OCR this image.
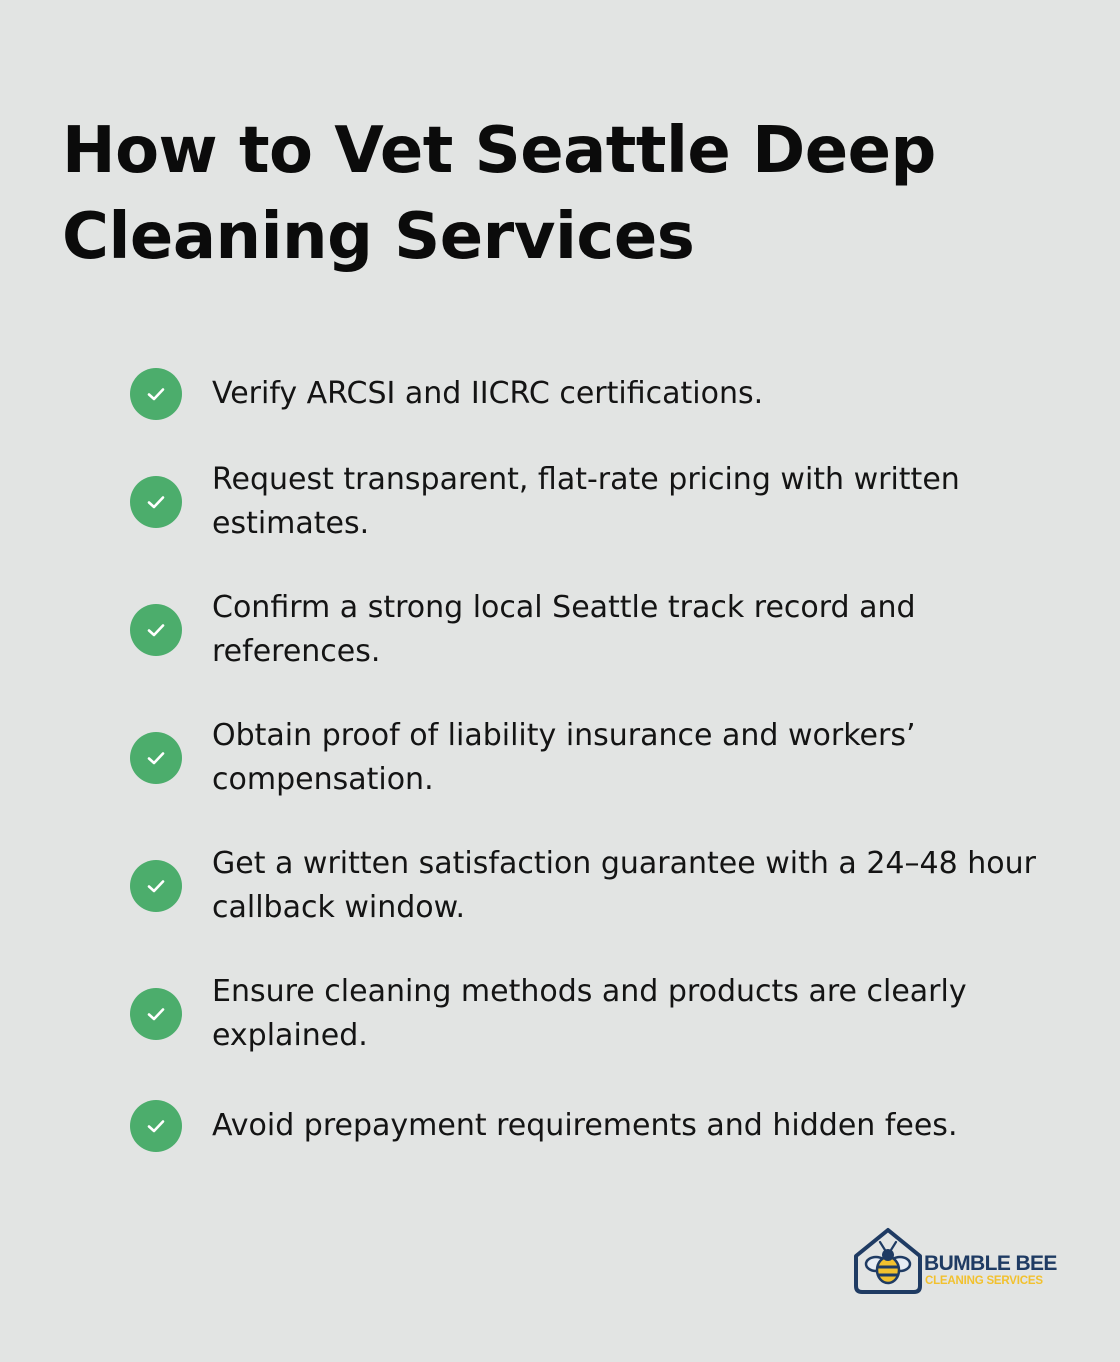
How to Vet Seattle Deep Cleaning Services
Verify ARCSI and IICRC certifications.
Request transparent, flat-rate pricing with written estimates.
Confirm a strong local Seattle track record and references.
Obtain proof of liability insurance and workers’ compensation.
Get a written satisfaction guarantee with a 24–48 hour callback window.
Ensure cleaning methods and products are clearly explained.
Avoid prepayment requirements and hidden fees.
BUMBLE BEE
CLEANING SERVICES
